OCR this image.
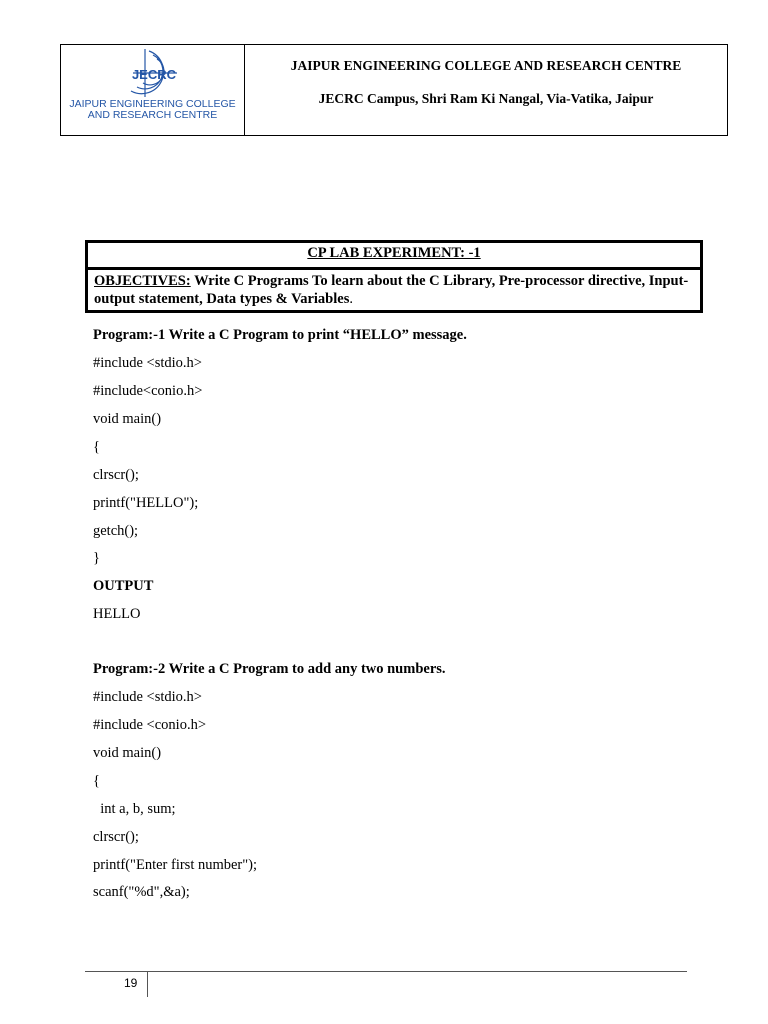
JECRC
JAIPUR ENGINEERING COLLEGE
AND RESEARCH CENTRE
JAIPUR ENGINEERING COLLEGE AND RESEARCH CENTRE
JECRC Campus, Shri Ram Ki Nangal, Via-Vatika, Jaipur
CP LAB EXPERIMENT: -1
OBJECTIVES: Write C Programs To learn about the C Library, Pre-processor directive, Input-output statement, Data types & Variables.
Program:-1 Write a C Program to print “HELLO” message.
#include <stdio.h>
#include<conio.h>
void main()
{
clrscr();
printf("HELLO");
getch();
}
OUTPUT
HELLO
Program:-2 Write a C Program to add any two numbers.
#include <stdio.h>
#include <conio.h>
void main()
{
int a, b, sum;
clrscr();
printf("Enter first number");
scanf("%d",&a);
19
